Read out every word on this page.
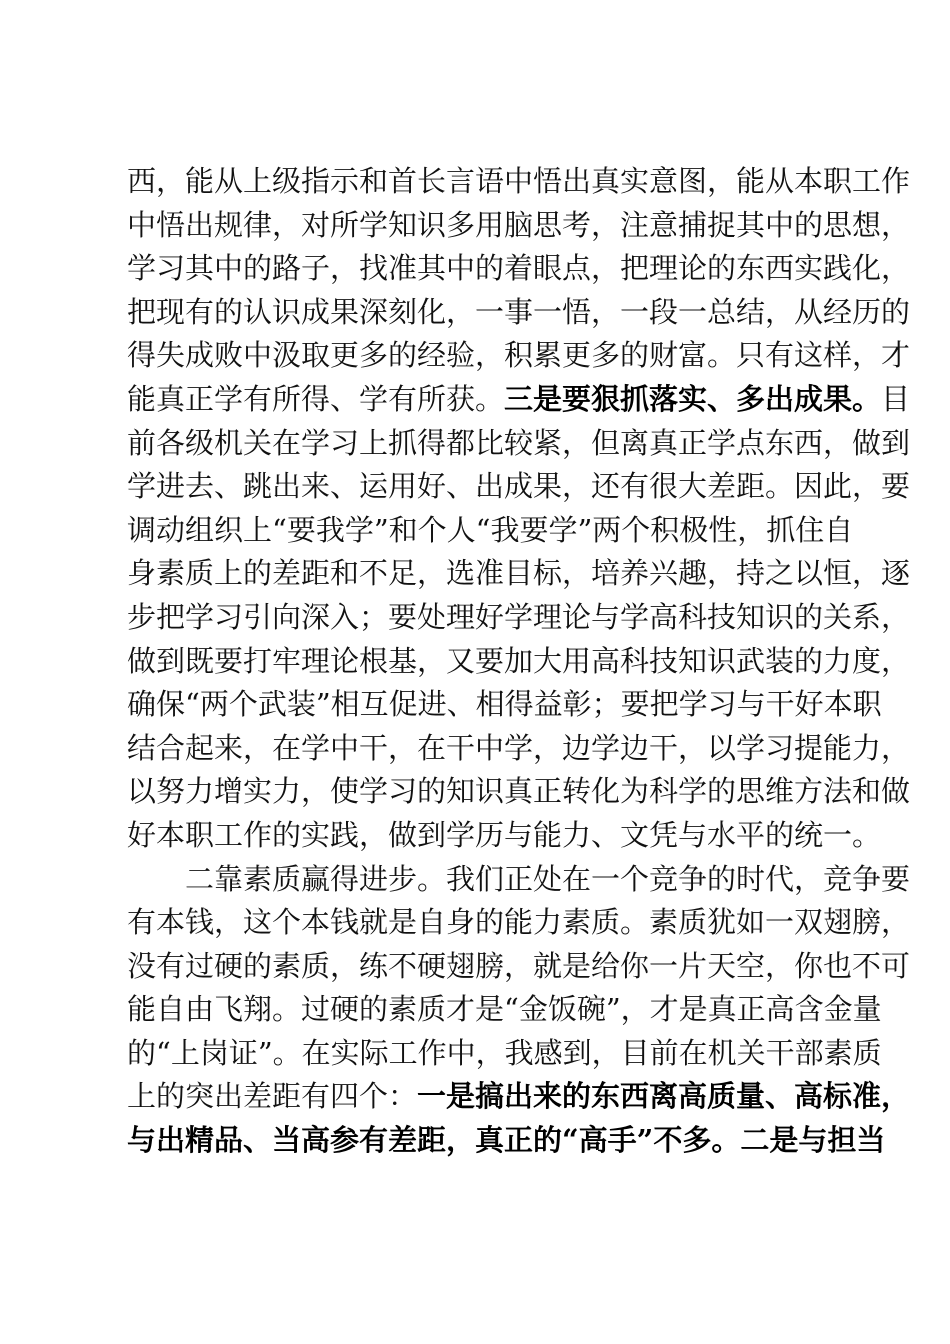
西，能从上级指示和首长言语中悟出真实意图，能从本职工作
中悟出规律，对所学知识多用脑思考，注意捕捉其中的思想，
学习其中的路子，找准其中的着眼点，把理论的东西实践化，
把现有的认识成果深刻化，一事一悟，一段一总结，从经历的
得失成败中汲取更多的经验，积累更多的财富。只有这样，才
能真正学有所得、学有所获。三是要狠抓落实、多出成果。目
前各级机关在学习上抓得都比较紧，但离真正学点东西，做到
学进去、跳出来、运用好、出成果，还有很大差距。因此，要
调动组织上“要我学”和个人“我要学”两个积极性，抓住自
身素质上的差距和不足，选准目标，培养兴趣，持之以恒，逐
步把学习引向深入；要处理好学理论与学高科技知识的关系，
做到既要打牢理论根基，又要加大用高科技知识武装的力度，
确保“两个武装”相互促进、相得益彰；要把学习与干好本职
结合起来，在学中干，在干中学，边学边干，以学习提能力，
以努力增实力，使学习的知识真正转化为科学的思维方法和做
好本职工作的实践，做到学历与能力、文凭与水平的统一。
二靠素质赢得进步。我们正处在一个竞争的时代，竞争要
有本钱，这个本钱就是自身的能力素质。素质犹如一双翅膀，
没有过硬的素质，练不硬翅膀，就是给你一片天空，你也不可
能自由飞翔。过硬的素质才是“金饭碗”，才是真正高含金量
的“上岗证”。在实际工作中，我感到，目前在机关干部素质
上的突出差距有四个：一是搞出来的东西离高质量、高标准，
与出精品、当高参有差距，真正的“高手”不多。二是与担当
